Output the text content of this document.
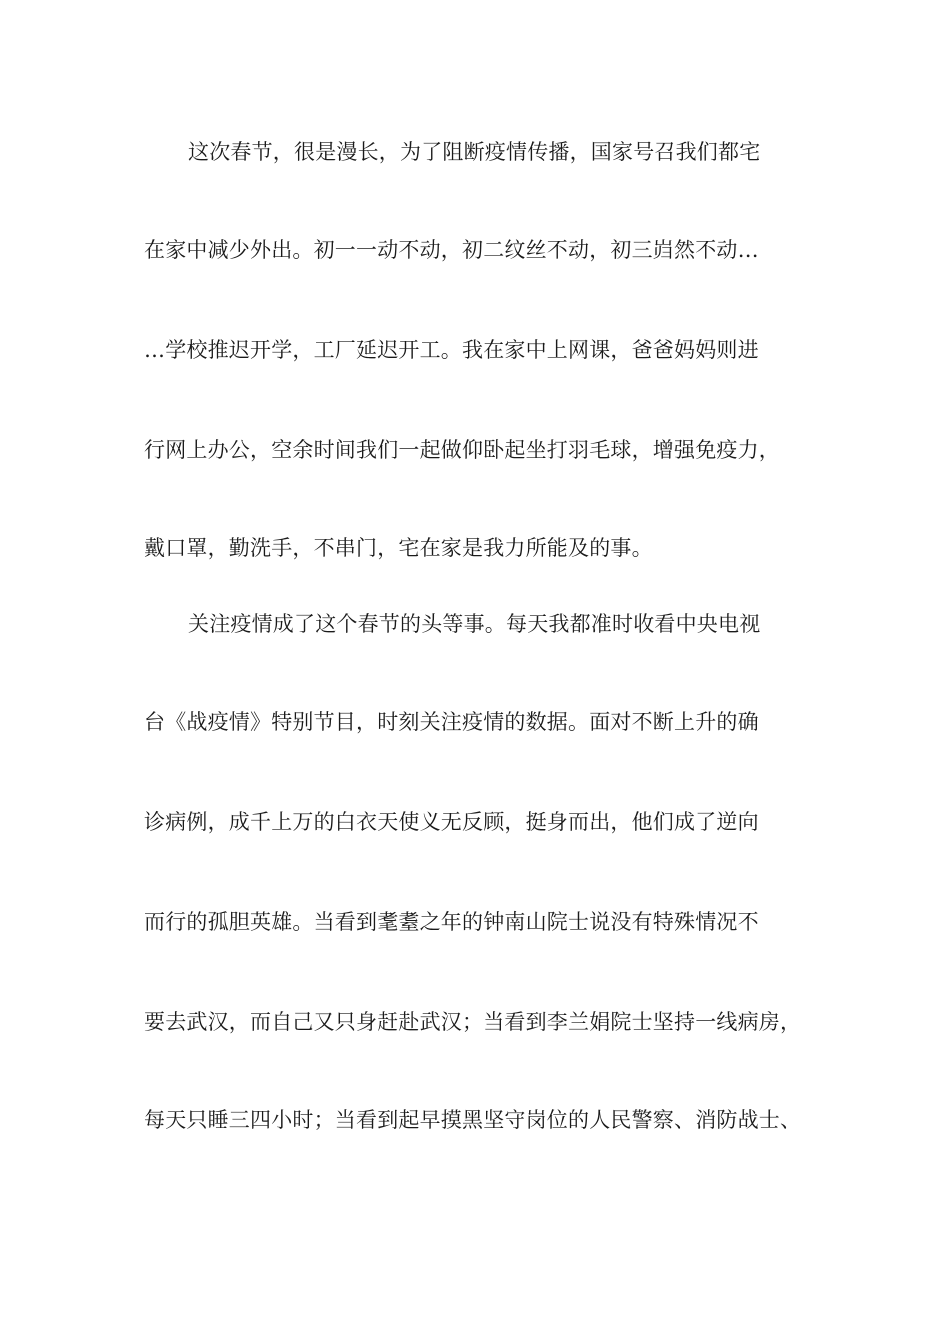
这次春节，很是漫长，为了阻断疫情传播，国家号召我们都宅
在家中减少外出。初一一动不动，初二纹丝不动，初三岿然不动…
…学校推迟开学，工厂延迟开工。我在家中上网课，爸爸妈妈则进
行网上办公，空余时间我们一起做仰卧起坐打羽毛球，增强免疫力，
戴口罩，勤洗手，不串门，宅在家是我力所能及的事。
关注疫情成了这个春节的头等事。每天我都准时收看中央电视
台《战疫情》特别节目，时刻关注疫情的数据。面对不断上升的确
诊病例，成千上万的白衣天使义无反顾，挺身而出，他们成了逆向
而行的孤胆英雄。当看到耄耋之年的钟南山院士说没有特殊情况不
要去武汉，而自己又只身赶赴武汉；当看到李兰娟院士坚持一线病房，
每天只睡三四小时；当看到起早摸黑坚守岗位的人民警察、消防战士、
